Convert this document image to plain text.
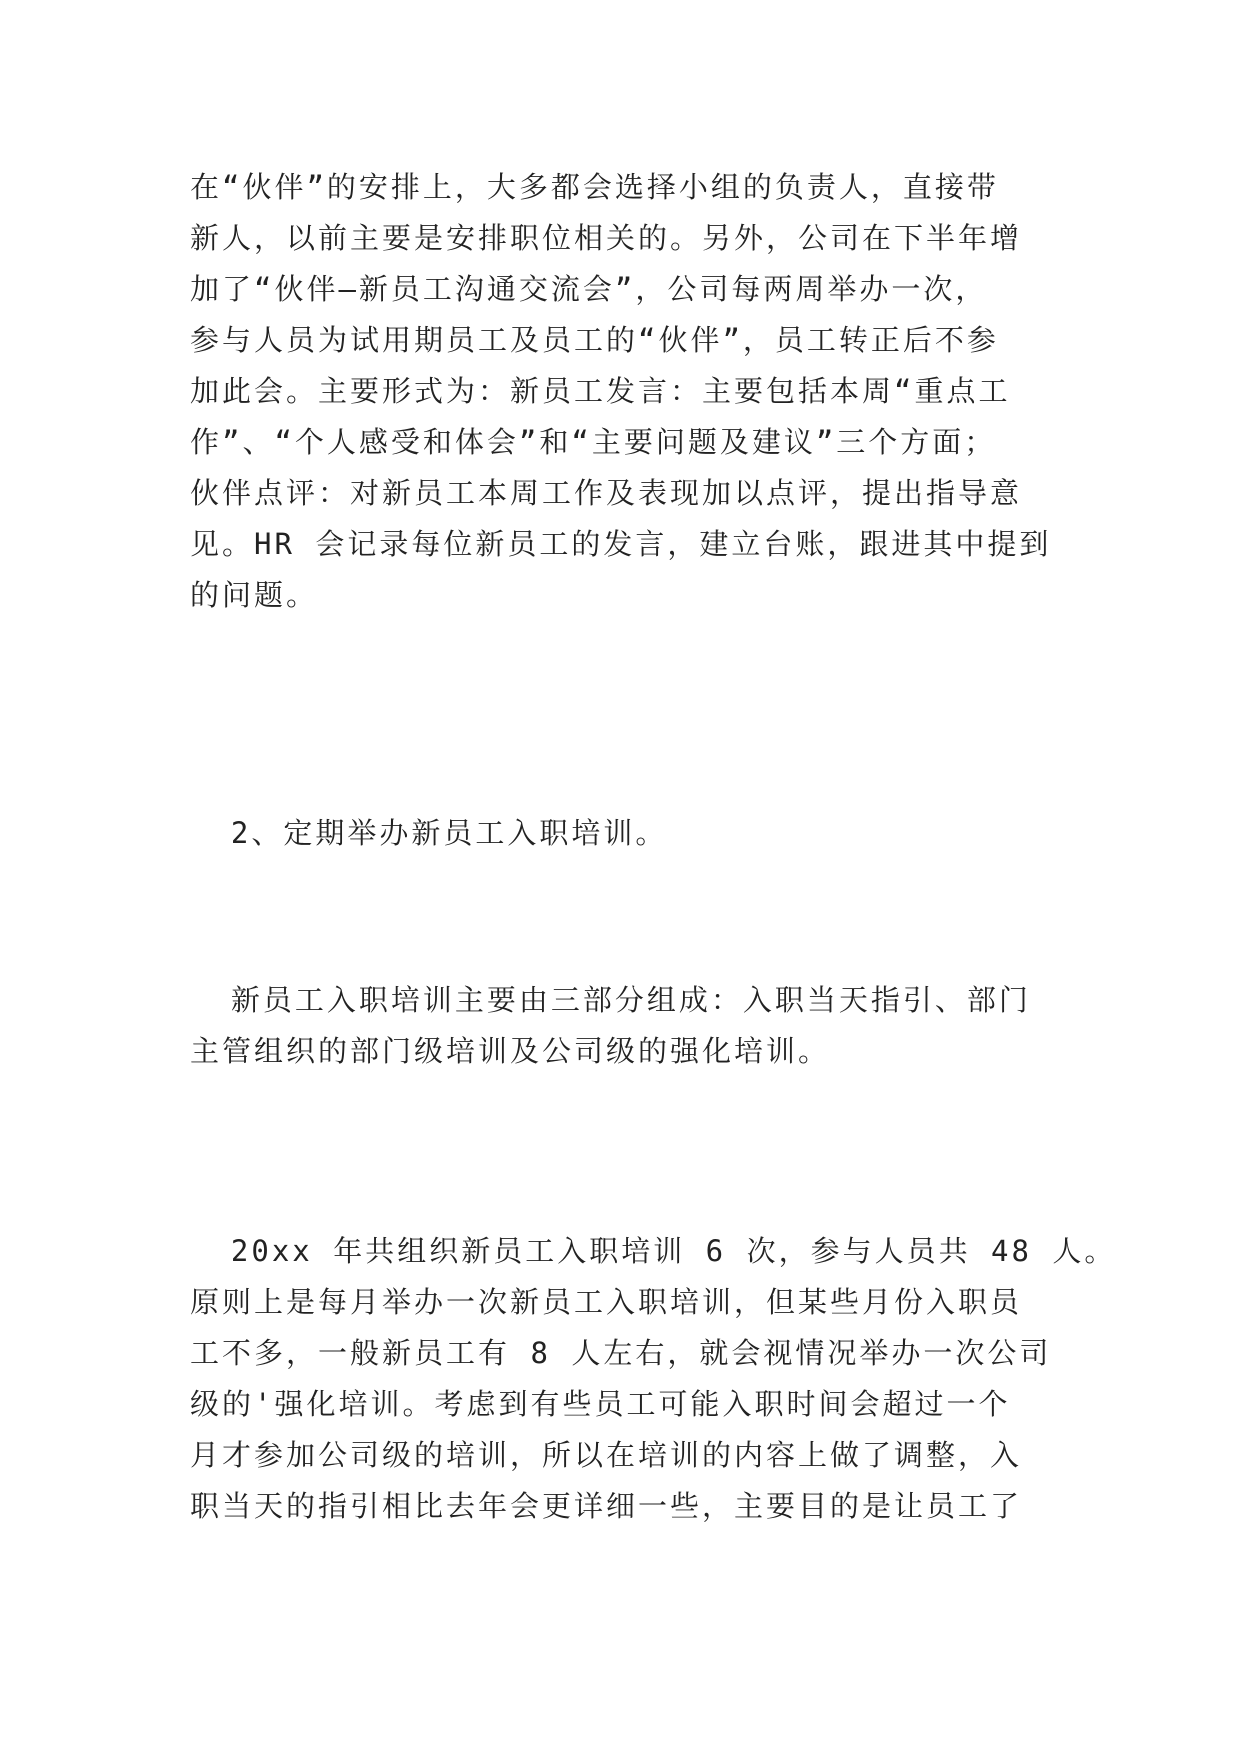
在“伙伴”的安排上，大多都会选择小组的负责人，直接带
新人，以前主要是安排职位相关的。另外，公司在下半年增
加了“伙伴—新员工沟通交流会”，公司每两周举办一次，
参与人员为试用期员工及员工的“伙伴”，员工转正后不参
加此会。主要形式为：新员工发言：主要包括本周“重点工
作”、“个人感受和体会”和“主要问题及建议”三个方面；
伙伴点评：对新员工本周工作及表现加以点评，提出指导意
见。HR 会记录每位新员工的发言，建立台账，跟进其中提到
的问题。
2、定期举办新员工入职培训。
新员工入职培训主要由三部分组成：入职当天指引、部门
主管组织的部门级培训及公司级的强化培训。
20xx 年共组织新员工入职培训 6 次，参与人员共 48 人。
原则上是每月举办一次新员工入职培训，但某些月份入职员
工不多，一般新员工有 8 人左右，就会视情况举办一次公司
级的'强化培训。考虑到有些员工可能入职时间会超过一个
月才参加公司级的培训，所以在培训的内容上做了调整，入
职当天的指引相比去年会更详细一些，主要目的是让员工了
